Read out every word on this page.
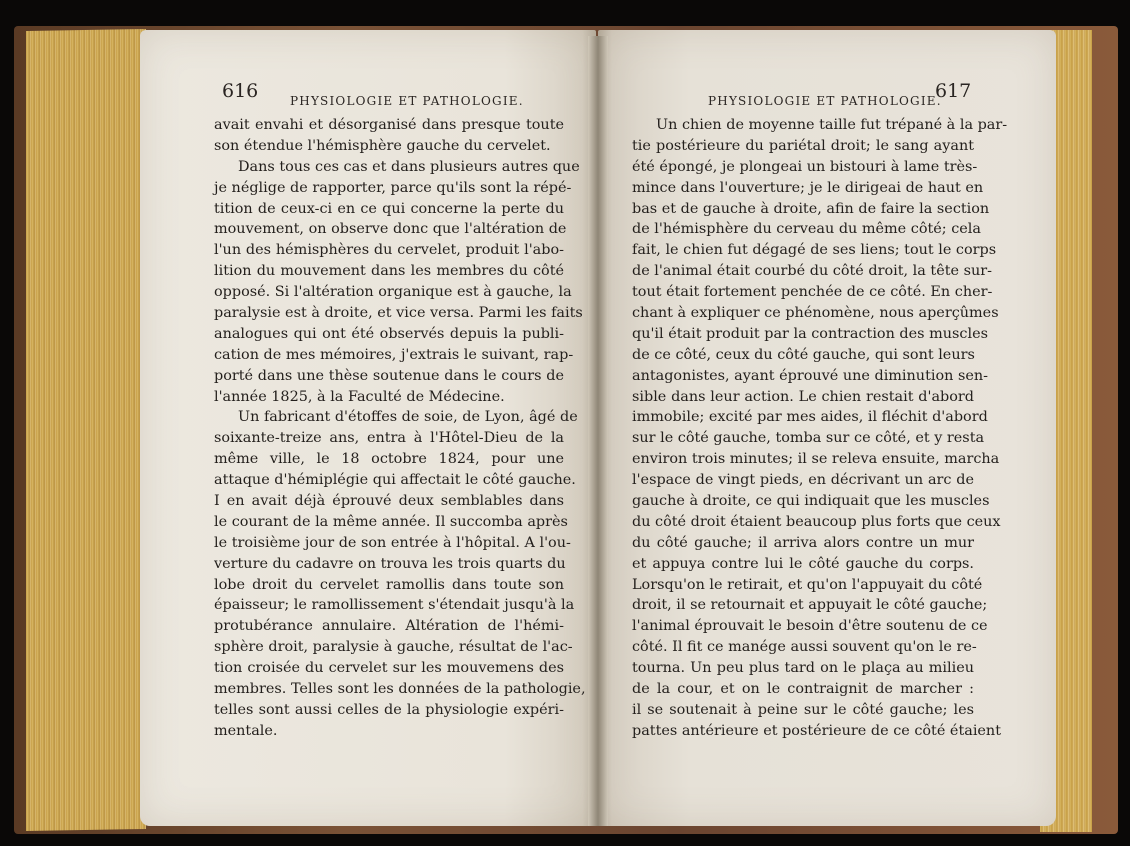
616	PHYSIOLOGIE ET PATHOLOGIE.	PHYSIOLOGIE ET PATHOLOGIE.
617
avait envahi et désorganisé dans presque toute
son étendue l'hémisphère gauche du cervelet.
Dans tous ces cas et dans plusieurs autres que
je néglige de rapporter, parce qu'ils sont la répé-
tition de ceux-ci en ce qui concerne la perte du
mouvement, on observe donc que l'altération de
l'un des hémisphères du cervelet, produit l'abo-
lition du mouvement dans les membres du côté
opposé. Si l'altération organique est à gauche, la
paralysie est à droite, et vice versa. Parmi les faits
analogues qui ont été observés depuis la publi-
cation de mes mémoires, j'extrais le suivant, rap-
porté dans une thèse soutenue dans le cours de
l'année 1825, à la Faculté de Médecine.
Un fabricant d'étoffes de soie, de Lyon, âgé de
soixante-treize ans, entra à l'Hôtel-Dieu de la
même ville, le 18 octobre 1824, pour une
attaque d'hémiplégie qui affectait le côté gauche.
I en avait déjà éprouvé deux semblables dans
le courant de la même année. Il succomba après
le troisième jour de son entrée à l'hôpital. A l'ou-
verture du cadavre on trouva les trois quarts du
lobe droit du cervelet ramollis dans toute son
épaisseur; le ramollissement s'étendait jusqu'à la
protubérance annulaire. Altération de l'hémi-
sphère droit, paralysie à gauche, résultat de l'ac-
tion croisée du cervelet sur les mouvemens des
membres. Telles sont les données de la pathologie,
telles sont aussi celles de la physiologie expéri-
mentale.
Un chien de moyenne taille fut trépané à la par-
tie postérieure du pariétal droit; le sang ayant
été épongé, je plongeai un bistouri à lame très-
mince dans l'ouverture; je le dirigeai de haut en
bas et de gauche à droite, afin de faire la section
de l'hémisphère du cerveau du même côté; cela
fait, le chien fut dégagé de ses liens; tout le corps
de l'animal était courbé du côté droit, la tête sur-
tout était fortement penchée de ce côté. En cher-
chant à expliquer ce phénomène, nous aperçûmes
qu'il était produit par la contraction des muscles
de ce côté, ceux du côté gauche, qui sont leurs
antagonistes, ayant éprouvé une diminution sen-
sible dans leur action. Le chien restait d'abord
immobile; excité par mes aides, il fléchit d'abord
sur le côté gauche, tomba sur ce côté, et y resta
environ trois minutes; il se releva ensuite, marcha
l'espace de vingt pieds, en décrivant un arc de
gauche à droite, ce qui indiquait que les muscles
du côté droit étaient beaucoup plus forts que ceux
du côté gauche; il arriva alors contre un mur
et appuya contre lui le côté gauche du corps.
Lorsqu'on le retirait, et qu'on l'appuyait du côté
droit, il se retournait et appuyait le côté gauche;
l'animal éprouvait le besoin d'être soutenu de ce
côté. Il fit ce manége aussi souvent qu'on le re-
tourna. Un peu plus tard on le plaça au milieu
de la cour, et on le contraignit de marcher :
il se soutenait à peine sur le côté gauche; les
pattes antérieure et postérieure de ce côté étaient
